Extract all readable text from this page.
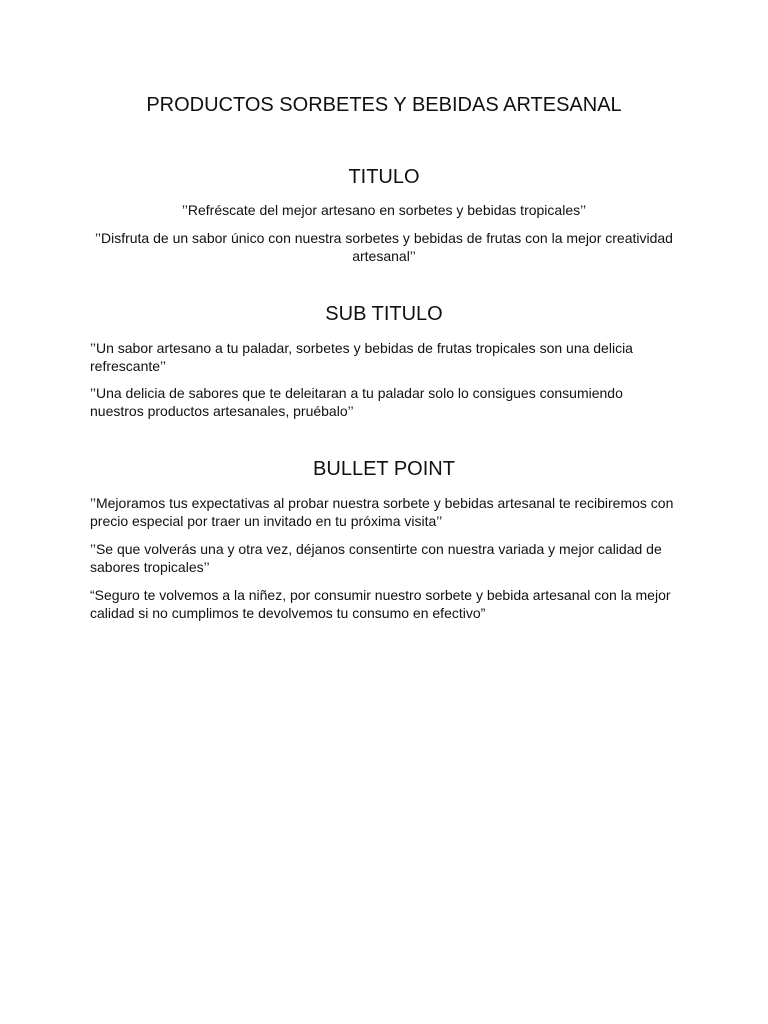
PRODUCTOS SORBETES Y BEBIDAS ARTESANAL
TITULO

’’Refréscate del mejor artesano en sorbetes y bebidas tropicales’’

’’Disfruta de un sabor único con nuestra sorbetes y bebidas de frutas con la mejor creatividad artesanal’’

SUB TITULO

’’Un sabor artesano a tu paladar, sorbetes y bebidas de frutas tropicales son una delicia refrescante’’

’’Una delicia de sabores que te deleitaran a tu paladar solo lo consigues consumiendo nuestros productos artesanales, pruébalo’’

BULLET POINT

’’Mejoramos tus expectativas al probar nuestra sorbete y bebidas artesanal te recibiremos con precio especial por traer un invitado en tu próxima visita’’

’’Se que volverás una y otra vez, déjanos consentirte con nuestra variada y mejor calidad de sabores tropicales’’

“Seguro te volvemos a la niñez, por consumir nuestro sorbete y bebida artesanal con la mejor calidad si no cumplimos te devolvemos tu consumo en efectivo”
